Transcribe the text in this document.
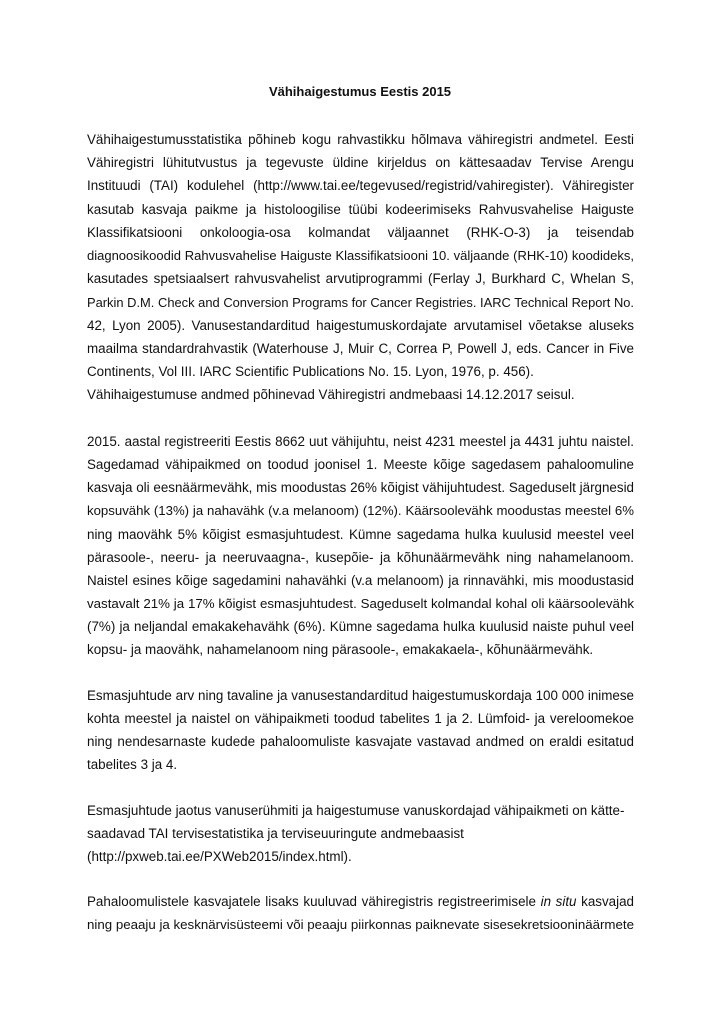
Vähihaigestumus Eestis 2015
Vähihaigestumusstatistika põhineb kogu rahvastikku hõlmava vähiregistri andmetel. Eesti
Vähiregistri lühitutvustus ja tegevuste üldine kirjeldus on kättesaadav Tervise Arengu
Instituudi (TAI) kodulehel (http://www.tai.ee/tegevused/registrid/vahiregister). Vähiregister
kasutab kasvaja paikme ja histoloogilise tüübi kodeerimiseks Rahvusvahelise Haiguste
Klassifikatsiooni onkoloogia-osa kolmandat väljaannet (RHK-O-3) ja teisendab
diagnoosikoodid Rahvusvahelise Haiguste Klassifikatsiooni 10. väljaande (RHK-10) koodideks,
kasutades spetsiaalsert rahvusvahelist arvutiprogrammi (Ferlay J, Burkhard C, Whelan S,
Parkin D.M. Check and Conversion Programs for Cancer Registries. IARC Technical Report No.
42, Lyon 2005). Vanusestandarditud haigestumuskordajate arvutamisel võetakse aluseks
maailma standardrahvastik (Waterhouse J, Muir C, Correa P, Powell J, eds. Cancer in Five
Continents, Vol III. IARC Scientific Publications No. 15. Lyon, 1976, p. 456).
Vähihaigestumuse andmed põhinevad Vähiregistri andmebaasi 14.12.2017 seisul.
2015. aastal registreeriti Eestis 8662 uut vähijuhtu, neist 4231 meestel ja 4431 juhtu naistel.
Sagedamad vähipaikmed on toodud joonisel 1. Meeste kõige sagedasem pahaloomuline
kasvaja oli eesnäärmevähk, mis moodustas 26% kõigist vähijuhtudest. Sageduselt järgnesid
kopsuvähk (13%) ja nahavähk (v.a melanoom) (12%). Käärsoolevähk moodustas meestel 6%
ning maovähk 5% kõigist esmasjuhtudest. Kümne sagedama hulka kuulusid meestel veel
pärasoole-, neeru- ja neeruvaagna-, kusepõie- ja kõhunäärmevähk ning nahamelanoom.
Naistel esines kõige sagedamini nahavähki (v.a melanoom) ja rinnavähki, mis moodustasid
vastavalt 21% ja 17% kõigist esmasjuhtudest. Sageduselt kolmandal kohal oli käärsoolevähk
(7%) ja neljandal emakakehavähk (6%). Kümne sagedama hulka kuulusid naiste puhul veel
kopsu- ja maovähk, nahamelanoom ning pärasoole-, emakakaela-, kõhunäärmevähk.
Esmasjuhtude arv ning tavaline ja vanusestandarditud haigestumuskordaja 100 000 inimese
kohta meestel ja naistel on vähipaikmeti toodud tabelites 1 ja 2. Lümfoid- ja vereloomekoe
ning nendesarnaste kudede pahaloomuliste kasvajate vastavad andmed on eraldi esitatud
tabelites 3 ja 4.
Esmasjuhtude jaotus vanuserühmiti ja haigestumuse vanuskordajad vähipaikmeti on kätte-
saadavad TAI tervisestatistika ja terviseuuringute andmebaasist
(http://pxweb.tai.ee/PXWeb2015/index.html).
Pahaloomulistele kasvajatele lisaks kuuluvad vähiregistris registreerimisele in situ kasvajad
ning peaaju ja kesknärvisüsteemi või peaaju piirkonnas paiknevate sisesekretsiooninäärmete
